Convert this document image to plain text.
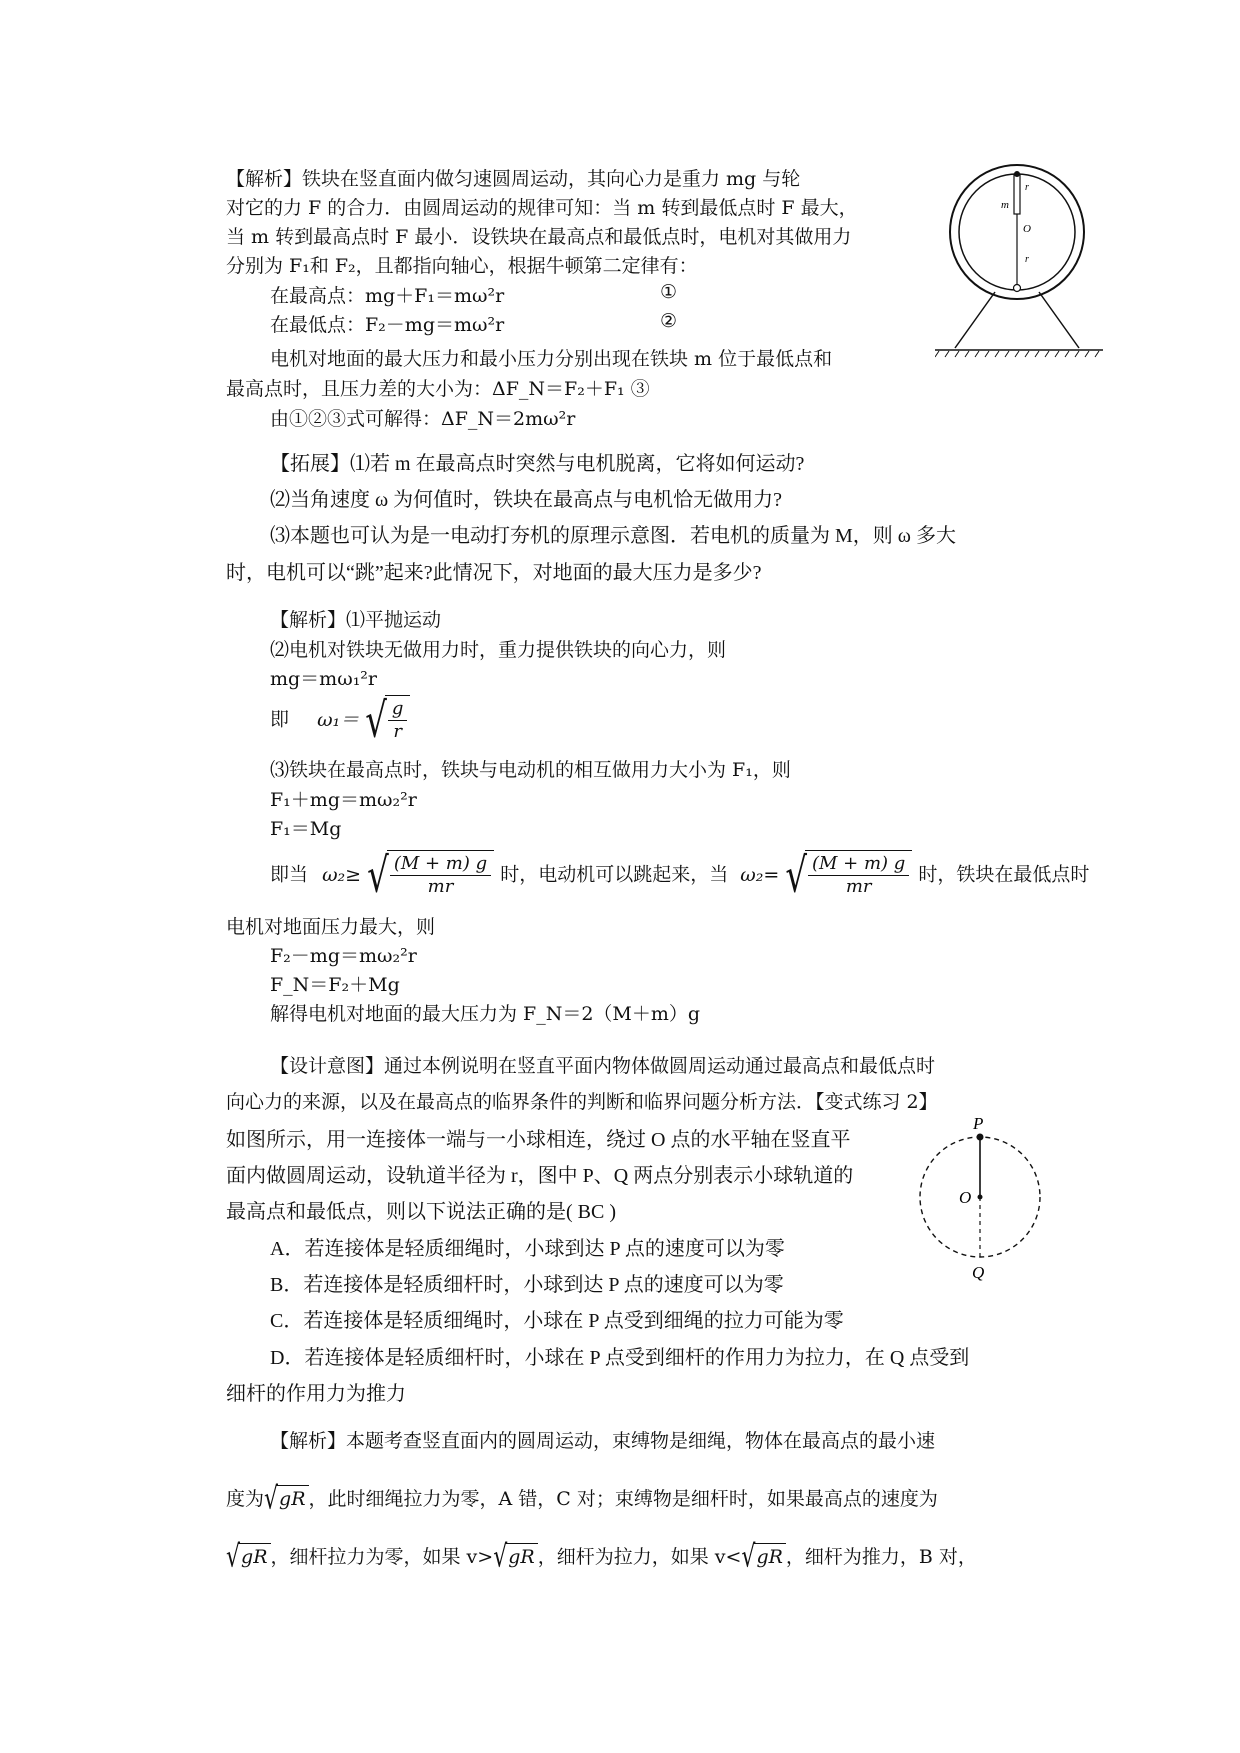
【解析】铁块在竖直面内做匀速圆周运动，其向心力是重力 mg 与轮
对它的力 F 的合力．由圆周运动的规律可知：当 m 转到最低点时 F 最大，
当 m 转到最高点时 F 最小．设铁块在最高点和最低点时，电机对其做用力
分别为 F₁和 F₂，且都指向轴心，根据牛顿第二定律有：
在最高点：mg＋F₁＝mω²r	①
在最低点：F₂－mg＝mω²r	②
电机对地面的最大压力和最小压力分别出现在铁块 m 位于最低点和
最高点时，且压力差的大小为：ΔF_N＝F₂＋F₁ ③
由①②③式可解得：ΔF_N＝2mω²r
m
r
O
r
【拓展】⑴若 m 在最高点时突然与电机脱离，它将如何运动?
⑵当角速度 ω 为何值时，铁块在最高点与电机恰无做用力?
⑶本题也可认为是一电动打夯机的原理示意图．若电机的质量为 M，则 ω 多大
时，电机可以“跳”起来?此情况下，对地面的最大压力是多少?
【解析】⑴平抛运动
⑵电机对铁块无做用力时，重力提供铁块的向心力，则
mg＝mω₁²r
即 ω₁＝ √ $\frac{g}{r}$
⑶铁块在最高点时，铁块与电动机的相互做用力大小为 F₁，则
F₁＋mg＝mω₂²r
F₁＝Mg
即当 ω₂≥ √ $\frac{(M + m) g}{mr}$ 时，电动机可以跳起来，当 ω₂= √ $\frac{(M + m) g}{mr}$ 时，铁块在最低点时
电机对地面压力最大，则
F₂－mg＝mω₂²r
F_N＝F₂＋Mg
解得电机对地面的最大压力为 F_N＝2（M＋m）g
【设计意图】通过本例说明在竖直平面内物体做圆周运动通过最高点和最低点时
向心力的来源，以及在最高点的临界条件的判断和临界问题分析方法．【变式练习 2】
如图所示，用一连接体一端与一小球相连，绕过 O 点的水平轴在竖直平
面内做圆周运动，设轨道半径为 r，图中 P、Q 两点分别表示小球轨道的
最高点和最低点，则以下说法正确的是( BC )
A．若连接体是轻质细绳时，小球到达 P 点的速度可以为零
B．若连接体是轻质细杆时，小球到达 P 点的速度可以为零
C．若连接体是轻质细绳时，小球在 P 点受到细绳的拉力可能为零
D．若连接体是轻质细杆时，小球在 P 点受到细杆的作用力为拉力，在 Q 点受到
细杆的作用力为推力
P
O
Q
【解析】本题考查竖直面内的圆周运动，束缚物是细绳，物体在最高点的最小速
度为√gR ，此时细绳拉力为零，A 错，C 对；束缚物是细杆时，如果最高点的速度为
√gR ，细杆拉力为零，如果 v>√gR ，细杆为拉力，如果 v<√gR ，细杆为推力，B 对，
